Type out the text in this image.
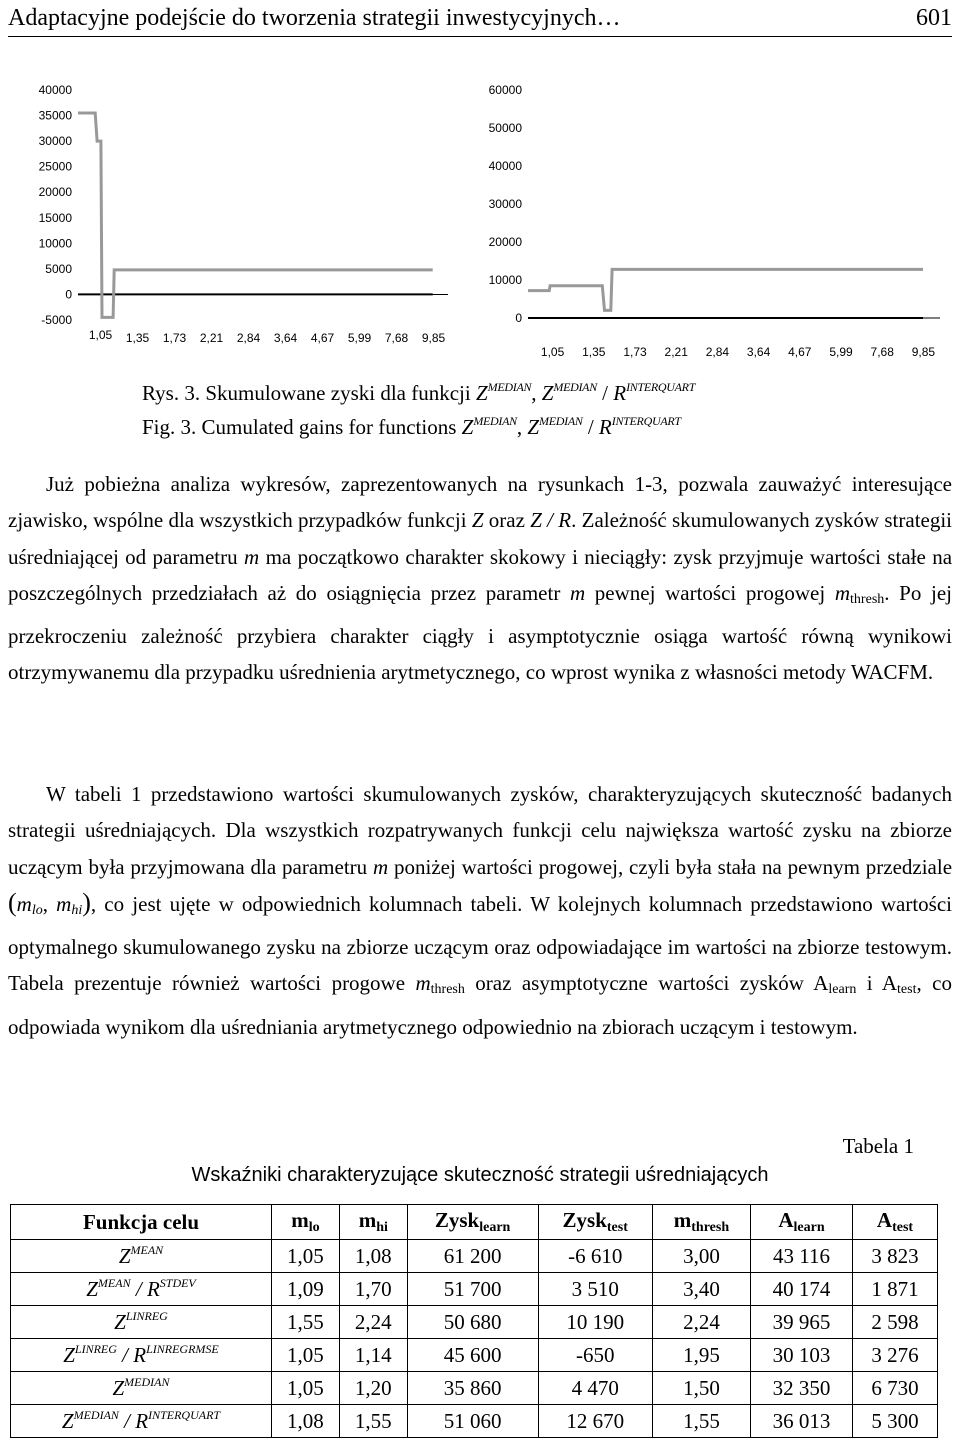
Adaptacyjne podejście do tworzenia strategii inwestycyjnych…	601
40000
35000
30000
25000
20000
15000
10000
5000
0
-5000
1,05 1,35 1,73 2,21 2,84 3,64 4,67 5,99 7,68 9,85
60000
50000
40000
30000
20000
10000
0
1,05 1,35 1,73 2,21 2,84 3,64 4,67 5,99 7,68 9,85
Rys. 3. Skumulowane zyski dla funkcji $Z^{MEDIAN}$, $Z^{MEDIAN} / R^{INTERQUART}$
Fig. 3. Cumulated gains for functions $Z^{MEDIAN}$, $Z^{MEDIAN} / R^{INTERQUART}$
Już pobieżna analiza wykresów, zaprezentowanych na rysunkach 1-3, pozwala zauważyć interesujące zjawisko, wspólne dla wszystkich przypadków funkcji Z oraz Z / R. Zależność skumulowanych zysków strategii uśredniającej od parametru m ma początkowo charakter skokowy i nieciągły: zysk przyjmuje wartości stałe na poszczególnych przedziałach aż do osiągnięcia przez parametr m pewnej wartości progowej $m_{thresh}$. Po jej przekroczeniu zależność przybiera charakter ciągły i asymptotycznie osiąga wartość równą wynikowi otrzymywanemu dla przypadku uśrednienia arytmetycznego, co wprost wynika z własności metody WACFM.
W tabeli 1 przedstawiono wartości skumulowanych zysków, charakteryzujących skuteczność badanych strategii uśredniających. Dla wszystkich rozpatrywanych funkcji celu największa wartość zysku na zbiorze uczącym była przyjmowana dla parametru m poniżej wartości progowej, czyli była stała na pewnym przedziale ($m_{lo}$, $m_{hi}$), co jest ujęte w odpowiednich kolumnach tabeli. W kolejnych kolumnach przedstawiono wartości optymalnego skumulowanego zysku na zbiorze uczącym oraz odpowiadające im wartości na zbiorze testowym. Tabela prezentuje również wartości progowe $m_{thresh}$ oraz asymptotyczne wartości zysków $A_{learn}$ i $A_{test}$, co odpowiada wynikom dla uśredniania arytmetycznego odpowiednio na zbiorach uczącym i testowym.
Tabela 1
Wskaźniki charakteryzujące skuteczność strategii uśredniających
Funkcja celu	$m_{lo}$	$m_{hi}$	Zysk$_{learn}$	Zysk$_{test}$	$m_{thresh}$	$A_{learn}$	$A_{test}$
$Z^{MEAN}$	1,05	1,08	61 200	-6 610	3,00	43 116	3 823
$Z^{MEAN} / R^{STDEV}$	1,09	1,70	51 700	3 510	3,40	40 174	1 871
$Z^{LINREG}$	1,55	2,24	50 680	10 190	2,24	39 965	2 598
$Z^{LINREG} / R^{LINREGRMSE}$	1,05	1,14	45 600	-650	1,95	30 103	3 276
$Z^{MEDIAN}$	1,05	1,20	35 860	4 470	1,50	32 350	6 730
$Z^{MEDIAN} / R^{INTERQUART}$	1,08	1,55	51 060	12 670	1,55	36 013	5 300
